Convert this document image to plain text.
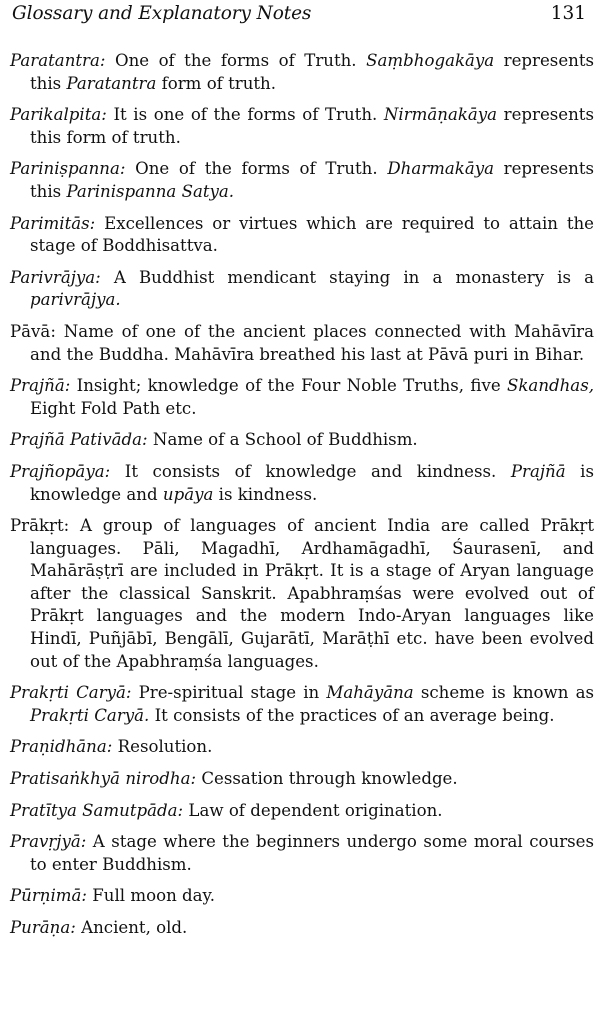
Glossary and Explanatory Notes	131

Paratantra: One of the forms of Truth. Saṃbhogakāya represents this Paratantra form of truth.

Parikalpita: It is one of the forms of Truth. Nirmāṇakāya represents this form of truth.

Pariniṣpanna: One of the forms of Truth. Dharmakāya represents this Parinispanna Satya.

Parimitās: Excellences or virtues which are required to attain the stage of Boddhisattva.

Parivrājya: A Buddhist mendicant staying in a monastery is a parivrājya.

Pāvā: Name of one of the ancient places connected with Mahāvīra and the Buddha. Mahāvīra breathed his last at Pāvā puri in Bihar.

Prajñā: Insight; knowledge of the Four Noble Truths, five Skandhas, Eight Fold Path etc.

Prajñā Pativāda: Name of a School of Buddhism.

Prajñopāya: It consists of knowledge and kindness. Prajñā is knowledge and upāya is kindness.

Prākṛt: A group of languages of ancient India are called Prākṛt languages. Pāli, Magadhī, Ardhamāgadhī, Śaurasenī, and Mahārāṣṭrī are included in Prākṛt. It is a stage of Aryan language after the classical Sanskrit. Apabhraṃśas were evolved out of Prākṛt languages and the modern Indo-Aryan languages like Hindī, Puñjābī, Bengālī, Gujarātī, Marāṭhī etc. have been evolved out of the Apabhraṃśa languages.

Prakṛti Caryā: Pre-spiritual stage in Mahāyāna scheme is known as Prakṛti Caryā. It consists of the practices of an average being.

Praṇidhāna: Resolution.

Pratisaṅkhyā nirodha: Cessation through knowledge.

Pratītya Samutpāda: Law of dependent origination.

Pravṛjyā: A stage where the beginners undergo some moral courses to enter Buddhism.

Pūrṇimā: Full moon day.

Purāṇa: Ancient, old.
